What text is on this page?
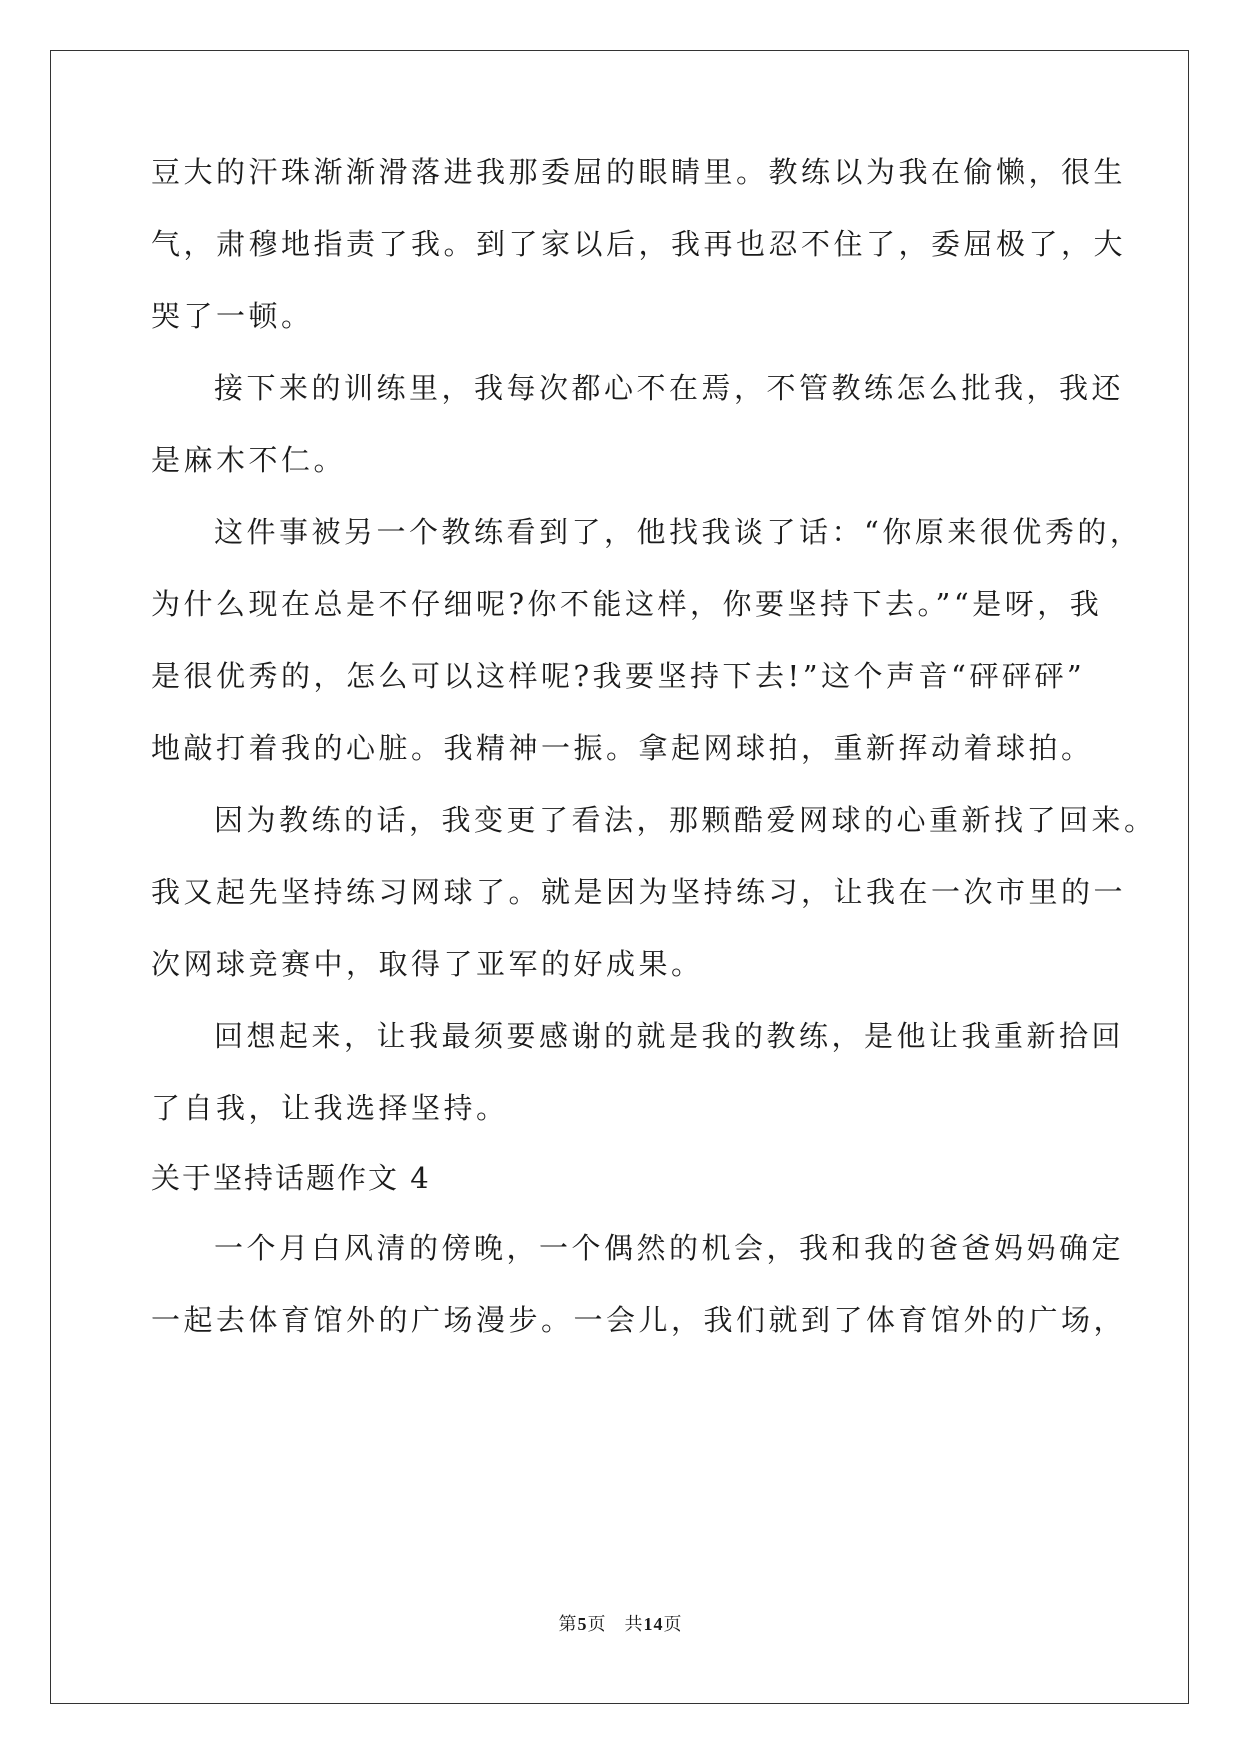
豆大的汗珠渐渐滑落进我那委屈的眼睛里。教练以为我在偷懒，很生
气，肃穆地指责了我。到了家以后，我再也忍不住了，委屈极了，大
哭了一顿。
接下来的训练里，我每次都心不在焉，不管教练怎么批我，我还
是麻木不仁。
这件事被另一个教练看到了，他找我谈了话：“你原来很优秀的，
为什么现在总是不仔细呢?你不能这样，你要坚持下去。”“是呀，我
是很优秀的，怎么可以这样呢?我要坚持下去!”这个声音“砰砰砰”
地敲打着我的心脏。我精神一振。拿起网球拍，重新挥动着球拍。
因为教练的话，我变更了看法，那颗酷爱网球的心重新找了回来。
我又起先坚持练习网球了。就是因为坚持练习，让我在一次市里的一
次网球竞赛中，取得了亚军的好成果。
回想起来，让我最须要感谢的就是我的教练，是他让我重新拾回
了自我，让我选择坚持。
关于坚持话题作文 4
一个月白风清的傍晚，一个偶然的机会，我和我的爸爸妈妈确定
一起去体育馆外的广场漫步。一会儿，我们就到了体育馆外的广场，
第5页 共14页
